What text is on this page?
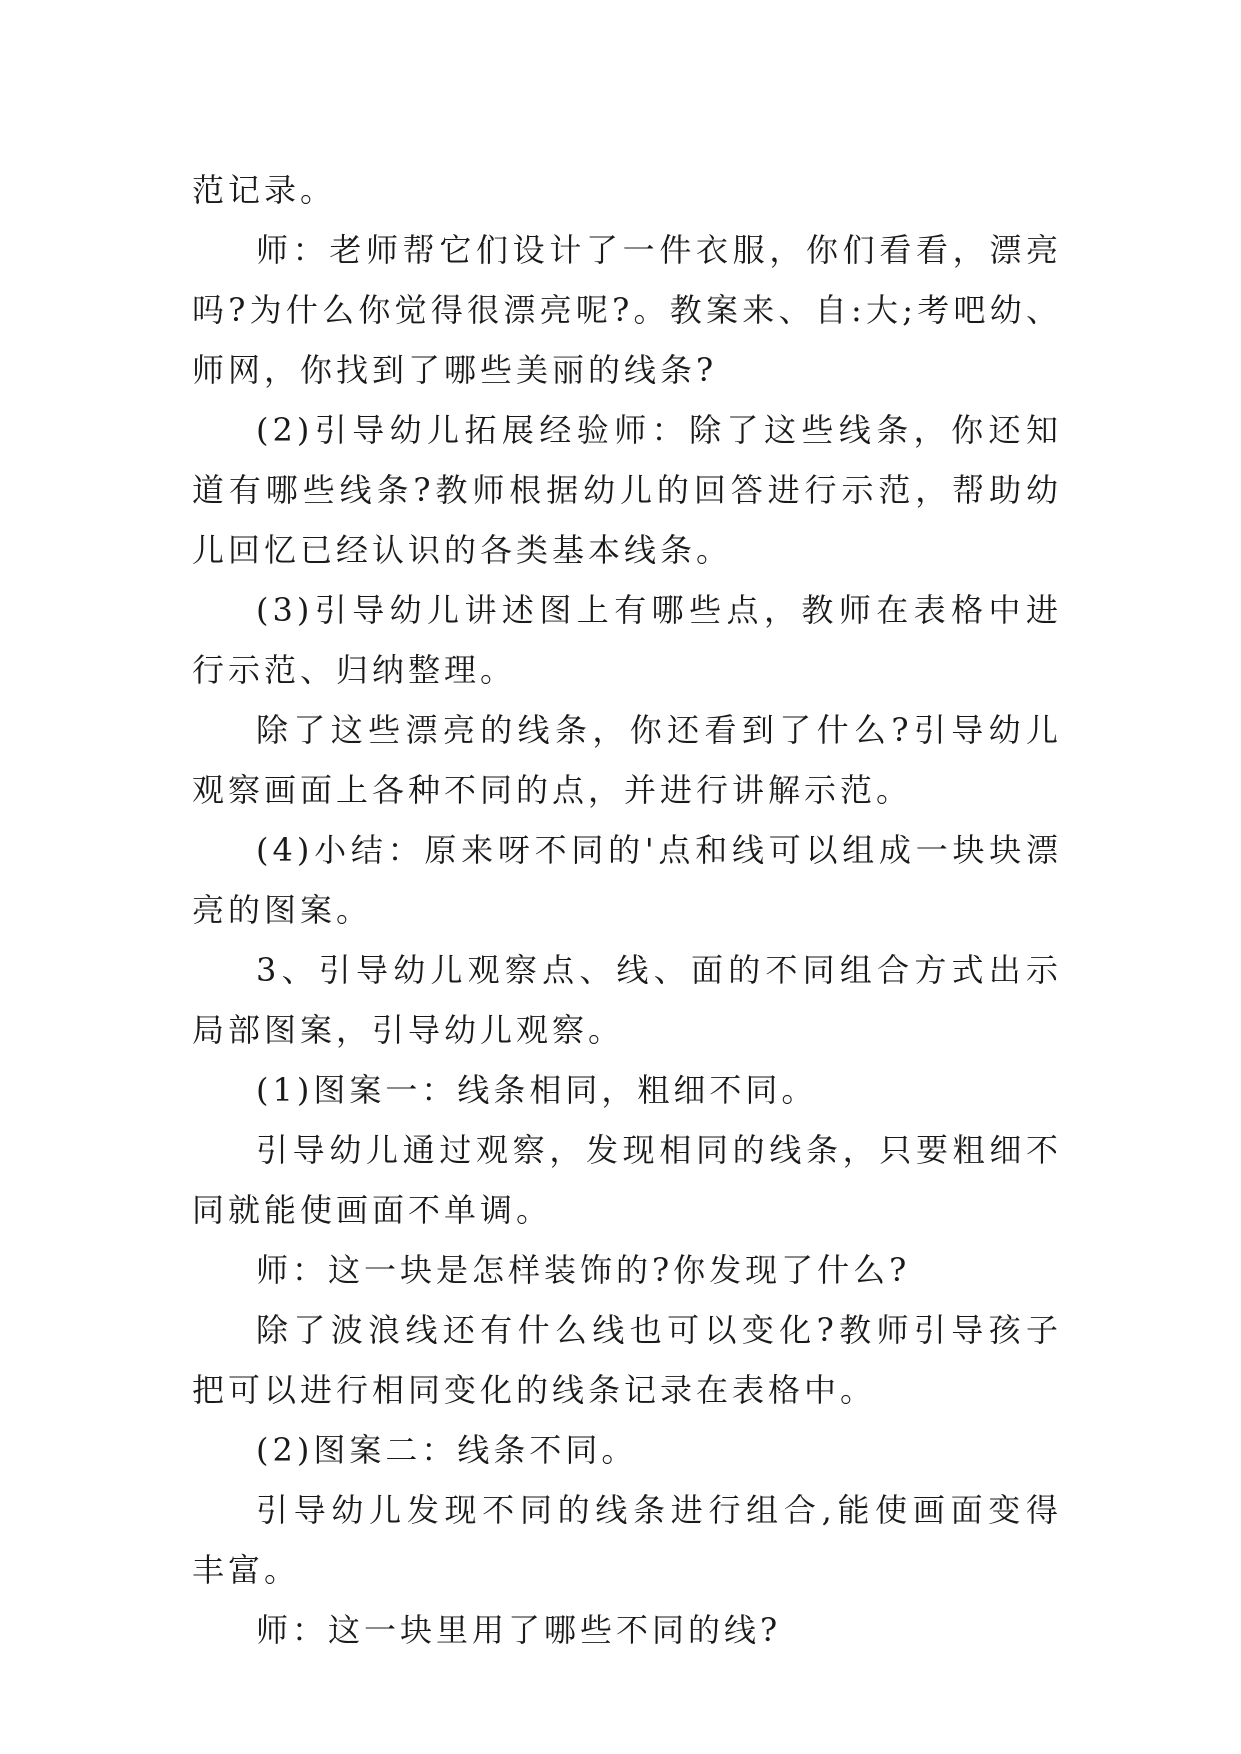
范记录。

师：老师帮它们设计了一件衣服，你们看看，漂亮吗?为什么你觉得很漂亮呢?。教案来、自:大;考吧幼、师网，你找到了哪些美丽的线条?

(2)引导幼儿拓展经验师：除了这些线条，你还知道有哪些线条?教师根据幼儿的回答进行示范，帮助幼儿回忆已经认识的各类基本线条。

(3)引导幼儿讲述图上有哪些点，教师在表格中进行示范、归纳整理。

除了这些漂亮的线条，你还看到了什么?引导幼儿观察画面上各种不同的点，并进行讲解示范。

(4)小结：原来呀不同的'点和线可以组成一块块漂亮的图案。

3、引导幼儿观察点、线、面的不同组合方式出示局部图案，引导幼儿观察。

(1)图案一：线条相同，粗细不同。

引导幼儿通过观察，发现相同的线条，只要粗细不同就能使画面不单调。

师：这一块是怎样装饰的?你发现了什么?

除了波浪线还有什么线也可以变化?教师引导孩子把可以进行相同变化的线条记录在表格中。

(2)图案二：线条不同。

引导幼儿发现不同的线条进行组合,能使画面变得丰富。

师：这一块里用了哪些不同的线?
